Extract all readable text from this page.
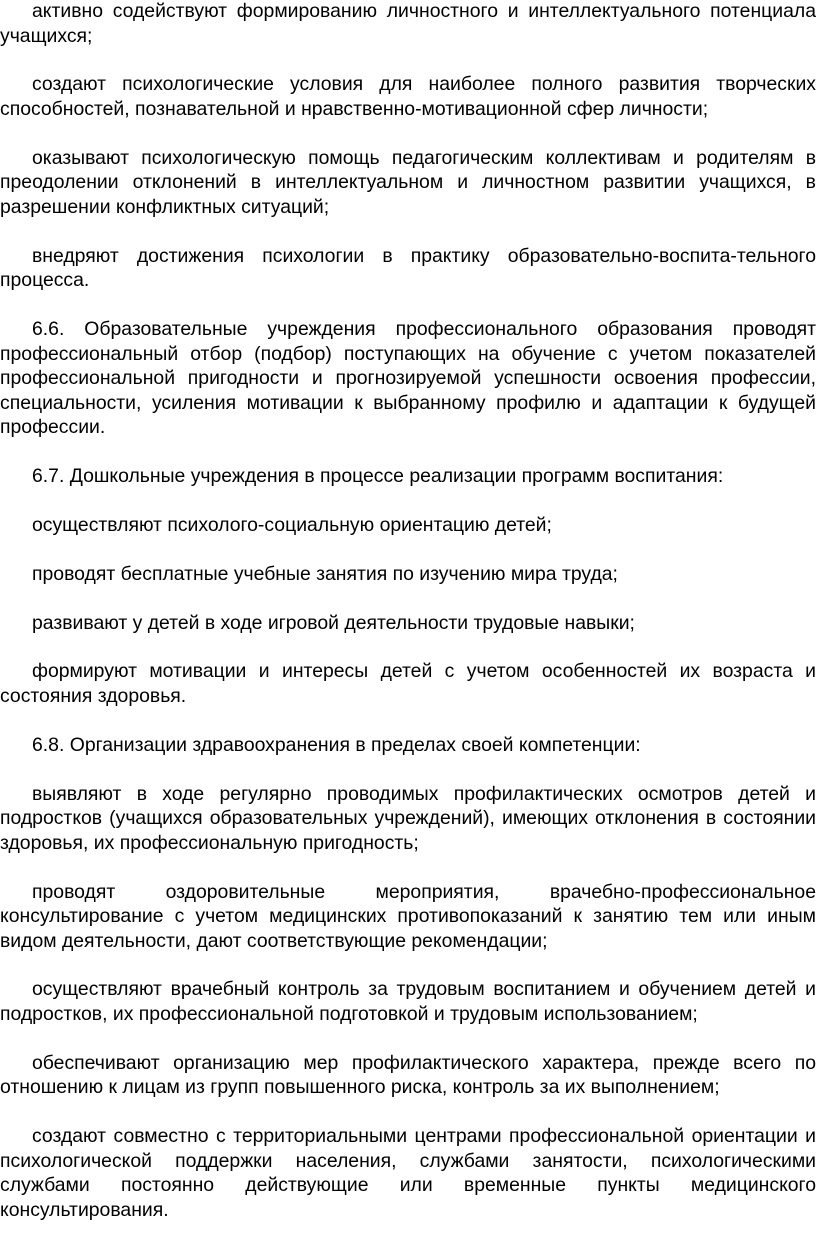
активно содействуют формированию личностного и интеллектуального потенциала учащихся;

создают психологические условия для наиболее полного развития творческих способностей, познавательной и нравственно-мотивационной сфер личности;

оказывают психологическую помощь педагогическим коллективам и родителям в преодолении отклонений в интеллектуальном и личностном развитии учащихся, в разрешении конфликтных ситуаций;

внедряют достижения психологии в практику образовательно-воспита-тельного процесса.

6.6. Образовательные учреждения профессионального образования проводят профессиональный отбор (подбор) поступающих на обучение с учетом показателей профессиональной пригодности и прогнозируемой успешности освоения профессии, специальности, усиления мотивации к выбранному профилю и адаптации к будущей профессии.

6.7. Дошкольные учреждения в процессе реализации программ воспитания:

осуществляют психолого-социальную ориентацию детей;

проводят бесплатные учебные занятия по изучению мира труда;

развивают у детей в ходе игровой деятельности трудовые навыки;

формируют мотивации и интересы детей с учетом особенностей их возраста и состояния здоровья.

6.8. Организации здравоохранения в пределах своей компетенции:

выявляют в ходе регулярно проводимых профилактических осмотров детей и подростков (учащихся образовательных учреждений), имеющих отклонения в состоянии здоровья, их профессиональную пригодность;

проводят оздоровительные мероприятия, врачебно-профессиональное консультирование с учетом медицинских противопоказаний к занятию тем или иным видом деятельности, дают соответствующие рекомендации;

осуществляют врачебный контроль за трудовым воспитанием и обучением детей и подростков, их профессиональной подготовкой и трудовым использованием;

обеспечивают организацию мер профилактического характера, прежде всего по отношению к лицам из групп повышенного риска, контроль за их выполнением;

создают совместно с территориальными центрами профессиональной ориентации и психологической поддержки населения, службами занятости, психологическими службами постоянно действующие или временные пункты медицинского консультирования.
